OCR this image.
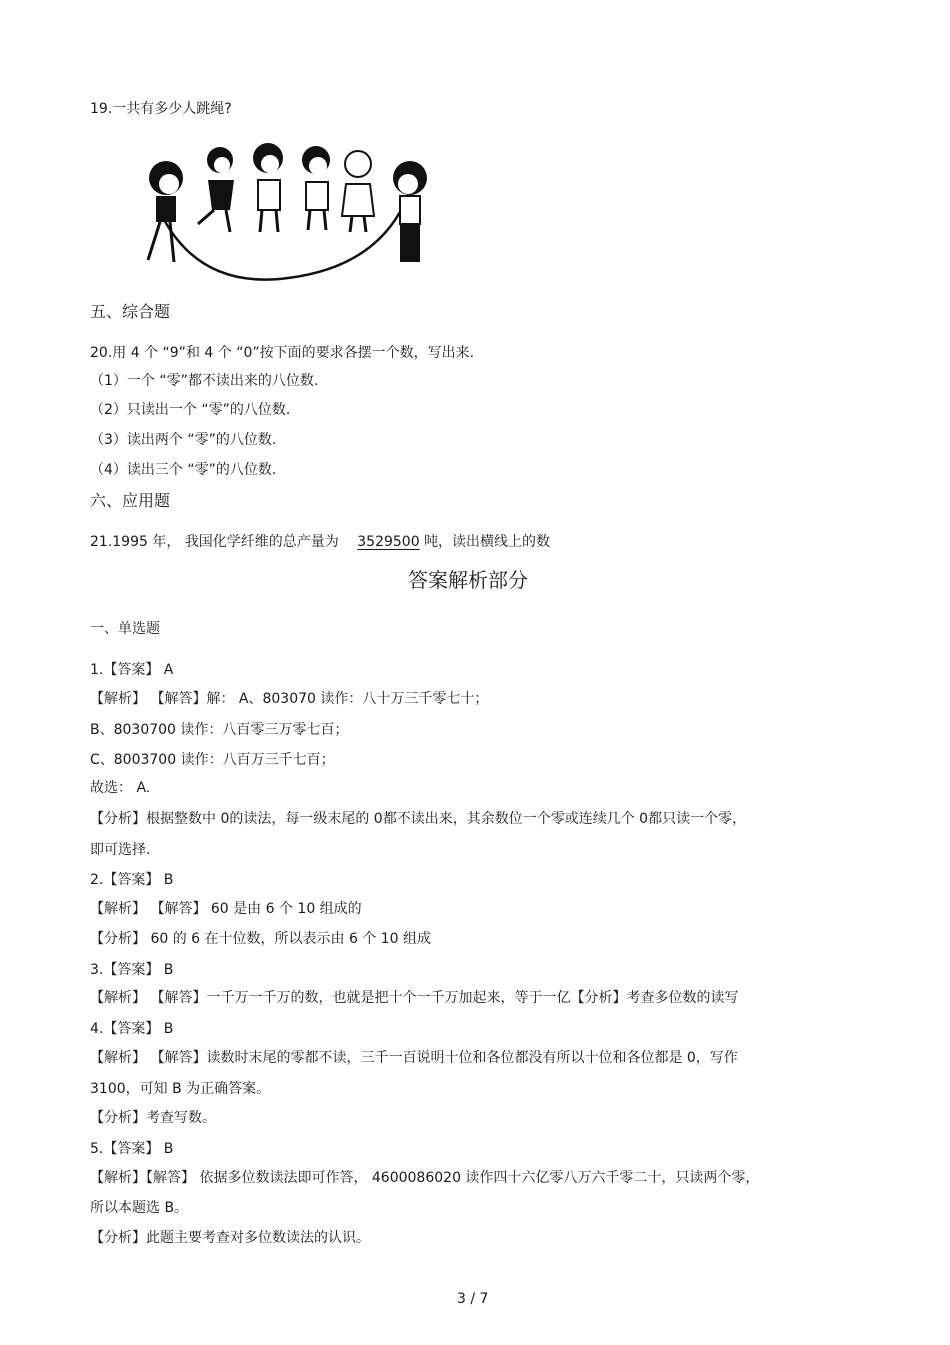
19.一共有多少人跳绳?
五、综合题
20.用 4 个 “9”和 4 个 “0”按下面的要求各摆一个数，写出来.
（1）一个 “零”都不读出来的八位数.
（2）只读出一个 “零”的八位数.
（3）读出两个 “零”的八位数.
（4）读出三个 “零”的八位数.
六、应用题
21.1995 年， 我国化学纤维的总产量为 3529500 吨，读出横线上的数
答案解析部分
一、单选题
1.【答案】 A
【解析】 【解答】解： A、803070 读作：八十万三千零七十；
B、8030700 读作：八百零三万零七百；
C、8003700 读作：八百万三千七百；
故选： A.
【分析】根据整数中 0的读法，每一级末尾的 0都不读出来，其余数位一个零或连续几个 0都只读一个零，
即可选择.
2.【答案】 B
【解析】 【解答】 60 是由 6 个 10 组成的
【分析】 60 的 6 在十位数，所以表示由 6 个 10 组成
3.【答案】 B
【解析】 【解答】一千万一千万的数，也就是把十个一千万加起来，等于一亿【分析】考查多位数的读写
4.【答案】 B
【解析】 【解答】读数时末尾的零都不读，三千一百说明十位和各位都没有所以十位和各位都是 0，写作
3100，可知 B 为正确答案。
【分析】考查写数。
5.【答案】 B
【解析】【解答】 依据多位数读法即可作答， 4600086020 读作四十六亿零八万六千零二十，只读两个零，
所以本题选 B。
【分析】此题主要考查对多位数读法的认识。
3 / 7
